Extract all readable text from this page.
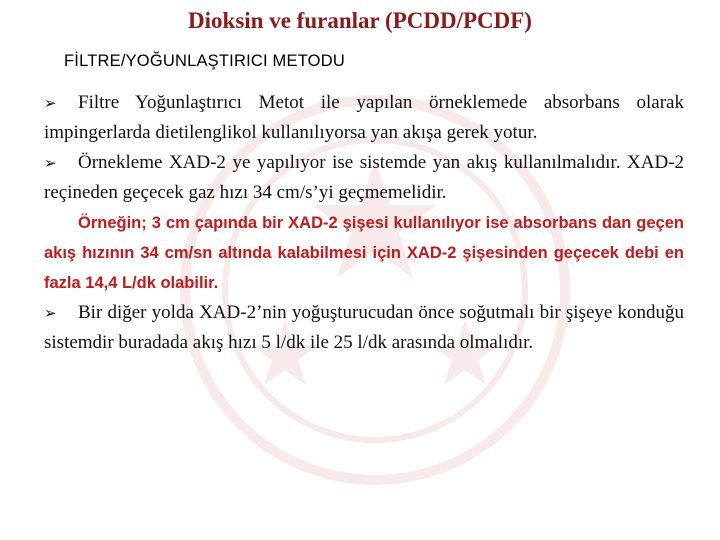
Dioksin ve furanlar (PCDD/PCDF)

FİLTRE/YOĞUNLAŞTIRICI METODU

➢ Filtre Yoğunlaştırıcı Metot ile yapılan örneklemede absorbans olarak impingerlarda dietilenglikol kullanılıyorsa yan akışa gerek yotur.

➢ Örnekleme XAD-2 ye yapılıyor ise sistemde yan akış kullanılmalıdır. XAD-2 reçineden geçecek gaz hızı 34 cm/s’yi geçmemelidir.

Örneğin; 3 cm çapında bir XAD-2 şişesi kullanılıyor ise absorbans dan geçen akış hızının 34 cm/sn altında kalabilmesi için XAD-2 şişesinden geçecek debi en fazla 14,4 L/dk olabilir.

➢ Bir diğer yolda XAD-2’nin yoğuşturucudan önce soğutmalı bir şişeye konduğu sistemdir buradada akış hızı 5 l/dk ile 25 l/dk arasında olmalıdır.
